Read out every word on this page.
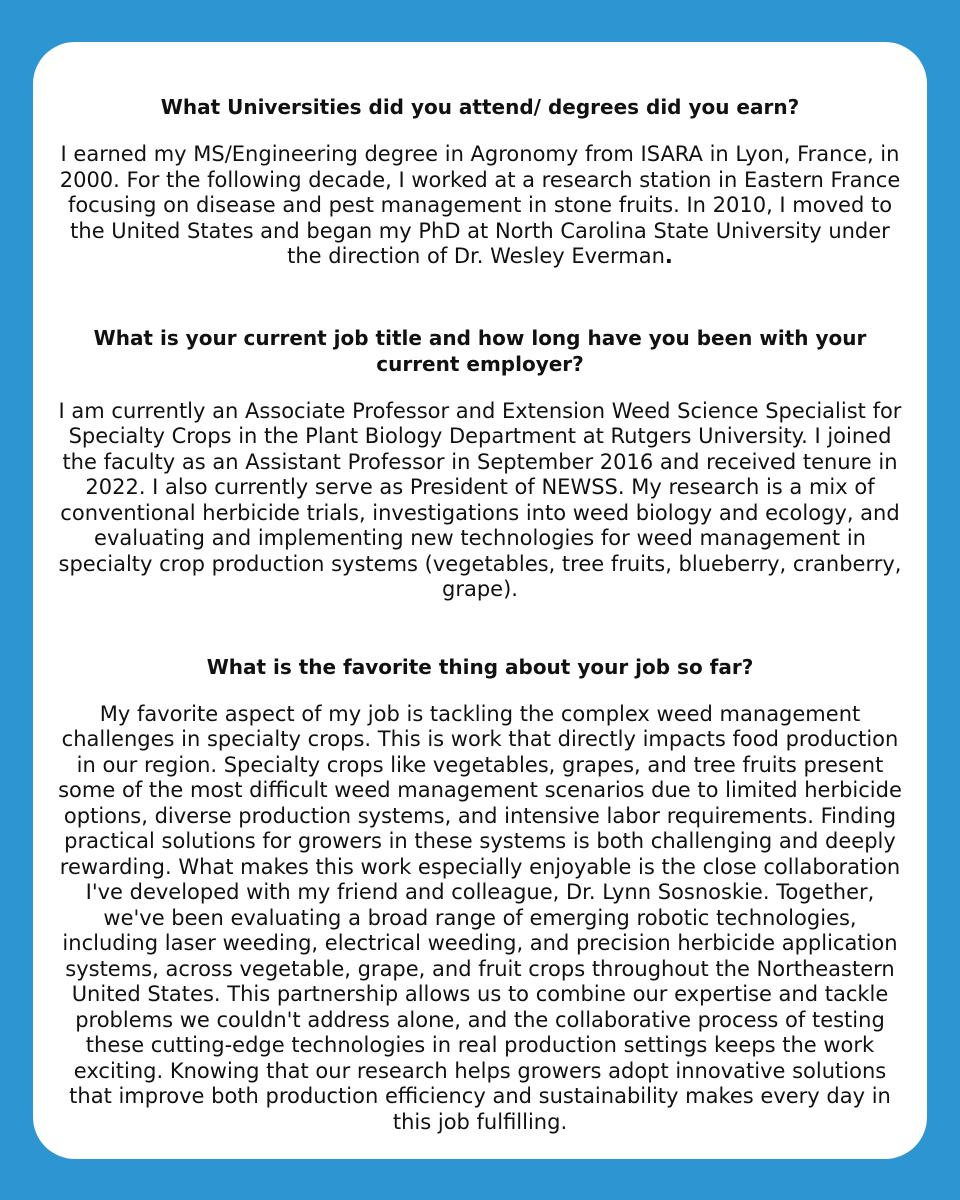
What Universities did you attend/ degrees did you earn?

I earned my MS/Engineering degree in Agronomy from ISARA in Lyon, France, in 2000. For the following decade, I worked at a research station in Eastern France focusing on disease and pest management in stone fruits. In 2010, I moved to the United States and began my PhD at North Carolina State University under the direction of Dr. Wesley Everman.

What is your current job title and how long have you been with your current employer?

I am currently an Associate Professor and Extension Weed Science Specialist for Specialty Crops in the Plant Biology Department at Rutgers University. I joined the faculty as an Assistant Professor in September 2016 and received tenure in 2022. I also currently serve as President of NEWSS. My research is a mix of conventional herbicide trials, investigations into weed biology and ecology, and evaluating and implementing new technologies for weed management in specialty crop production systems (vegetables, tree fruits, blueberry, cranberry, grape).

What is the favorite thing about your job so far?

My favorite aspect of my job is tackling the complex weed management challenges in specialty crops. This is work that directly impacts food production in our region. Specialty crops like vegetables, grapes, and tree fruits present some of the most difficult weed management scenarios due to limited herbicide options, diverse production systems, and intensive labor requirements. Finding practical solutions for growers in these systems is both challenging and deeply rewarding. What makes this work especially enjoyable is the close collaboration I've developed with my friend and colleague, Dr. Lynn Sosnoskie. Together, we've been evaluating a broad range of emerging robotic technologies, including laser weeding, electrical weeding, and precision herbicide application systems, across vegetable, grape, and fruit crops throughout the Northeastern United States. This partnership allows us to combine our expertise and tackle problems we couldn't address alone, and the collaborative process of testing these cutting-edge technologies in real production settings keeps the work exciting. Knowing that our research helps growers adopt innovative solutions that improve both production efficiency and sustainability makes every day in this job fulfilling.
